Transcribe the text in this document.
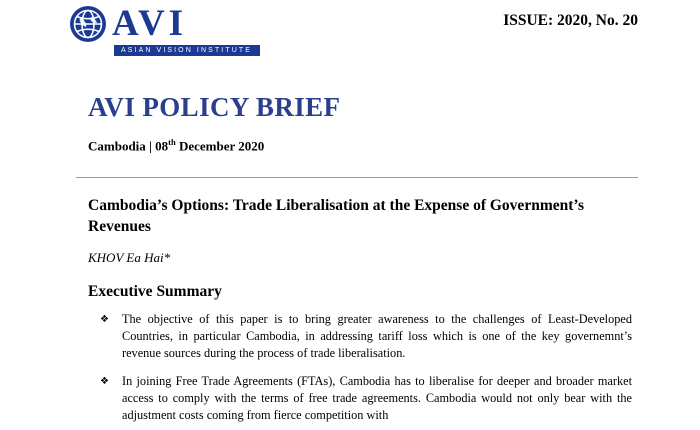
AVI
ASIAN VISION INSTITUTE
ISSUE: 2020, No. 20
AVI POLICY BRIEF
Cambodia | 08th December 2020
Cambodia’s Options: Trade Liberalisation at the Expense of Government’s Revenues
KHOV Ea Hai*
Executive Summary
❖	The objective of this paper is to bring greater awareness to the challenges of Least-Developed Countries, in particular Cambodia, in addressing tariff loss which is one of the key governemnt’s revenue sources during the process of trade liberalisation.
❖	In joining Free Trade Agreements (FTAs), Cambodia has to liberalise for deeper and broader market access to comply with the terms of free trade agreements. Cambodia would not only bear with the adjustment costs coming from fierce competition with
